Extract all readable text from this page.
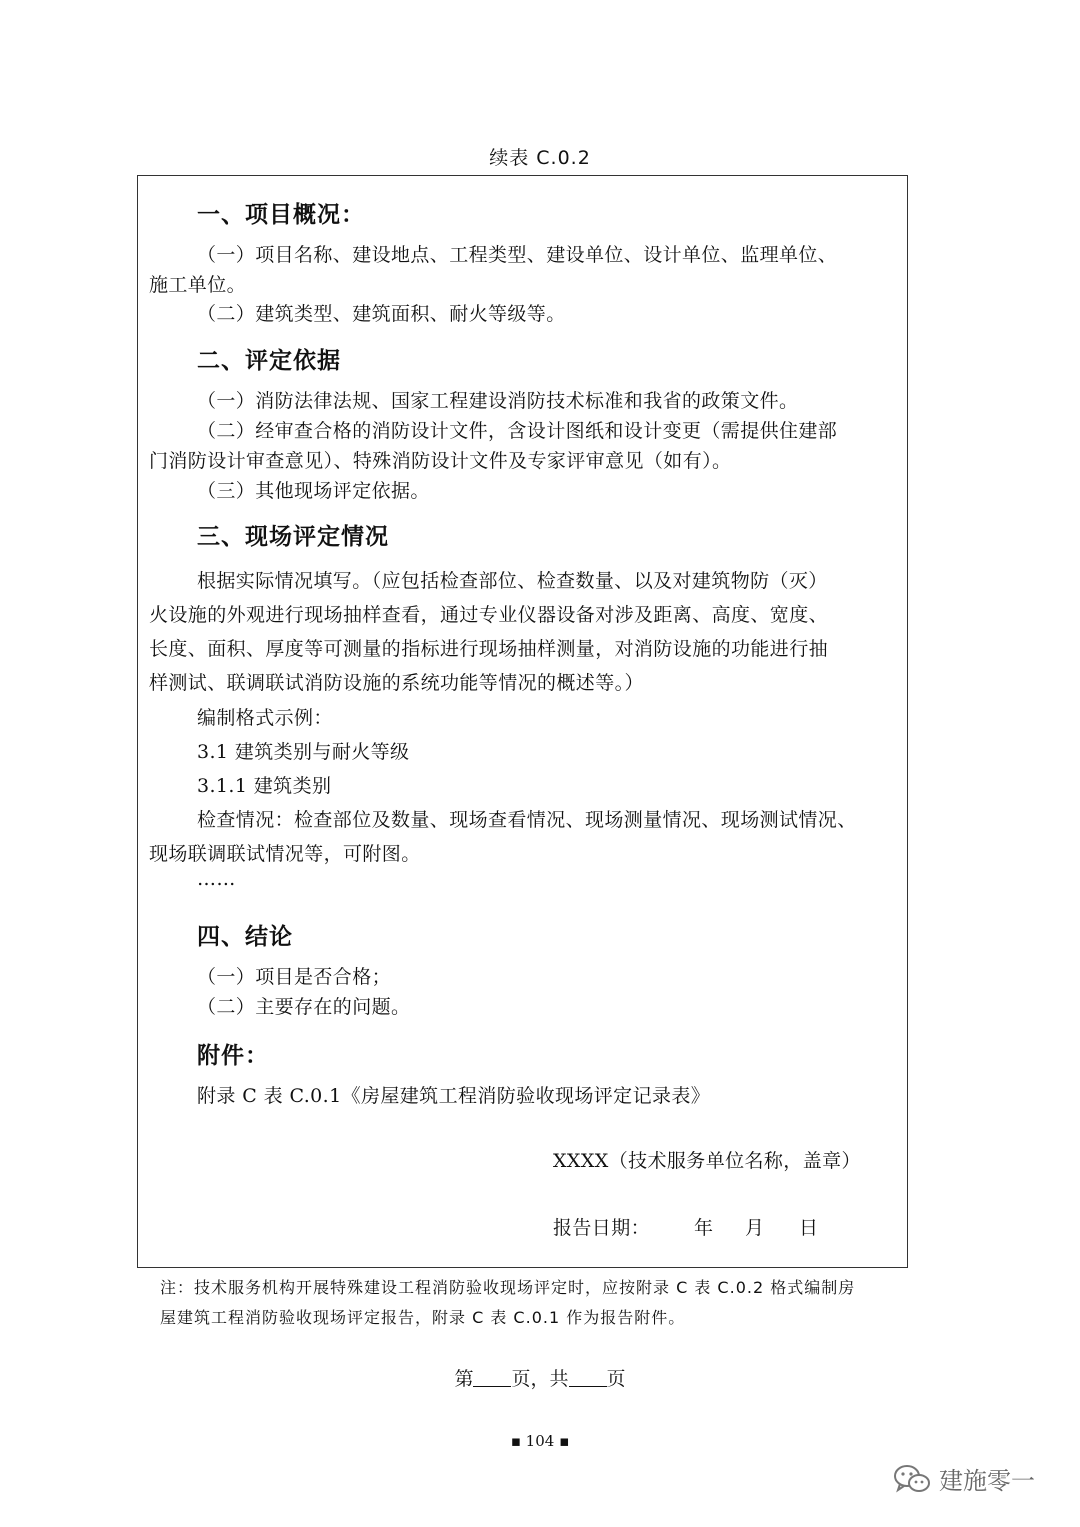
续表 C.0.2
一、项目概况：
（一）项目名称、建设地点、工程类型、建设单位、设计单位、监理单位、
施工单位。
（二）建筑类型、建筑面积、耐火等级等。
二、评定依据
（一）消防法律法规、国家工程建设消防技术标准和我省的政策文件。
（二）经审查合格的消防设计文件，含设计图纸和设计变更（需提供住建部
门消防设计审查意见）、特殊消防设计文件及专家评审意见（如有）。
（三）其他现场评定依据。
三、现场评定情况
根据实际情况填写。（应包括检查部位、检查数量、以及对建筑物防（灭）
火设施的外观进行现场抽样查看，通过专业仪器设备对涉及距离、高度、宽度、
长度、面积、厚度等可测量的指标进行现场抽样测量，对消防设施的功能进行抽
样测试、联调联试消防设施的系统功能等情况的概述等。）
编制格式示例：
3.1 建筑类别与耐火等级
3.1.1 建筑类别
检查情况：检查部位及数量、现场查看情况、现场测量情况、现场测试情况、
现场联调联试情况等，可附图。
……
四、结论
（一）项目是否合格；
（二）主要存在的问题。
附件：
附录 C 表 C.0.1《房屋建筑工程消防验收现场评定记录表》
XXXX（技术服务单位名称，盖章）
报告日期： 年 月 日
注：技术服务机构开展特殊建设工程消防验收现场评定时，应按附录 C 表 C.0.2 格式编制房
屋建筑工程消防验收现场评定报告，附录 C 表 C.0.1 作为报告附件。
第 页，共 页
▪ 104 ▪
建施零一
